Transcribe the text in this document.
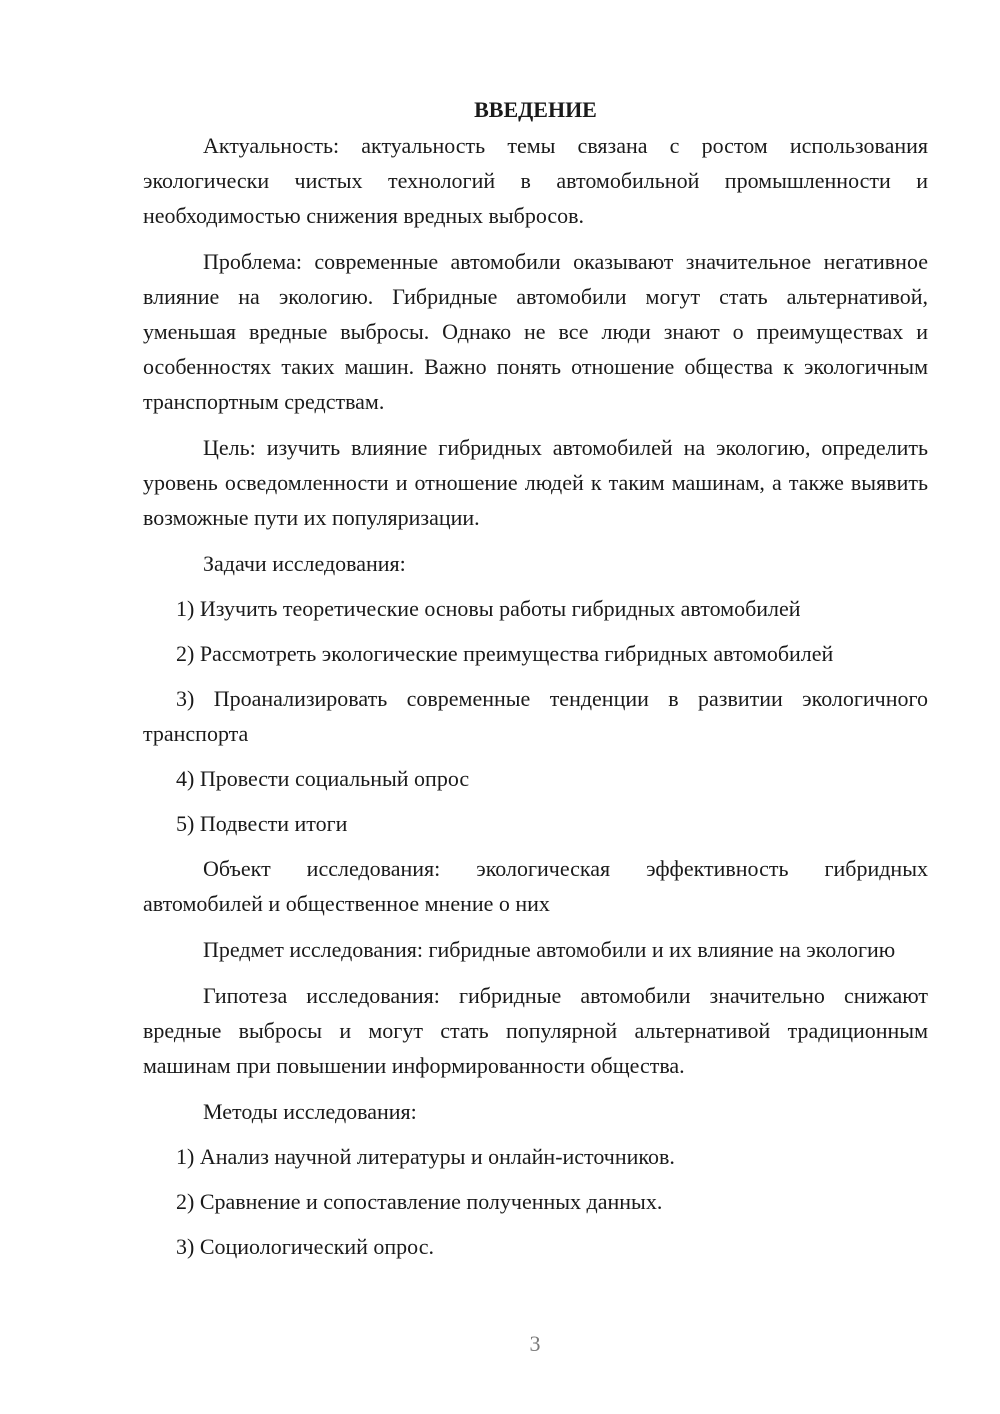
ВВЕДЕНИЕ

Актуальность: актуальность темы связана с ростом использования экологически чистых технологий в автомобильной промышленности и необходимостью снижения вредных выбросов.

Проблема: современные автомобили оказывают значительное негативное влияние на экологию. Гибридные автомобили могут стать альтернативой, уменьшая вредные выбросы. Однако не все люди знают о преимуществах и особенностях таких машин. Важно понять отношение общества к экологичным транспортным средствам.

Цель: изучить влияние гибридных автомобилей на экологию, определить уровень осведомленности и отношение людей к таким машинам, а также выявить возможные пути их популяризации.

Задачи исследования:

1) Изучить теоретические основы работы гибридных автомобилей

2) Рассмотреть экологические преимущества гибридных автомобилей

3) Проанализировать современные тенденции в развитии экологичного транспорта

4) Провести социальный опрос

5) Подвести итоги

Объект исследования: экологическая эффективность гибридных автомобилей и общественное мнение о них

Предмет исследования: гибридные автомобили и их влияние на экологию

Гипотеза исследования: гибридные автомобили значительно снижают вредные выбросы и могут стать популярной альтернативой традиционным машинам при повышении информированности общества.

Методы исследования:

1) Анализ научной литературы и онлайн-источников.

2) Сравнение и сопоставление полученных данных.

3) Социологический опрос.

3
